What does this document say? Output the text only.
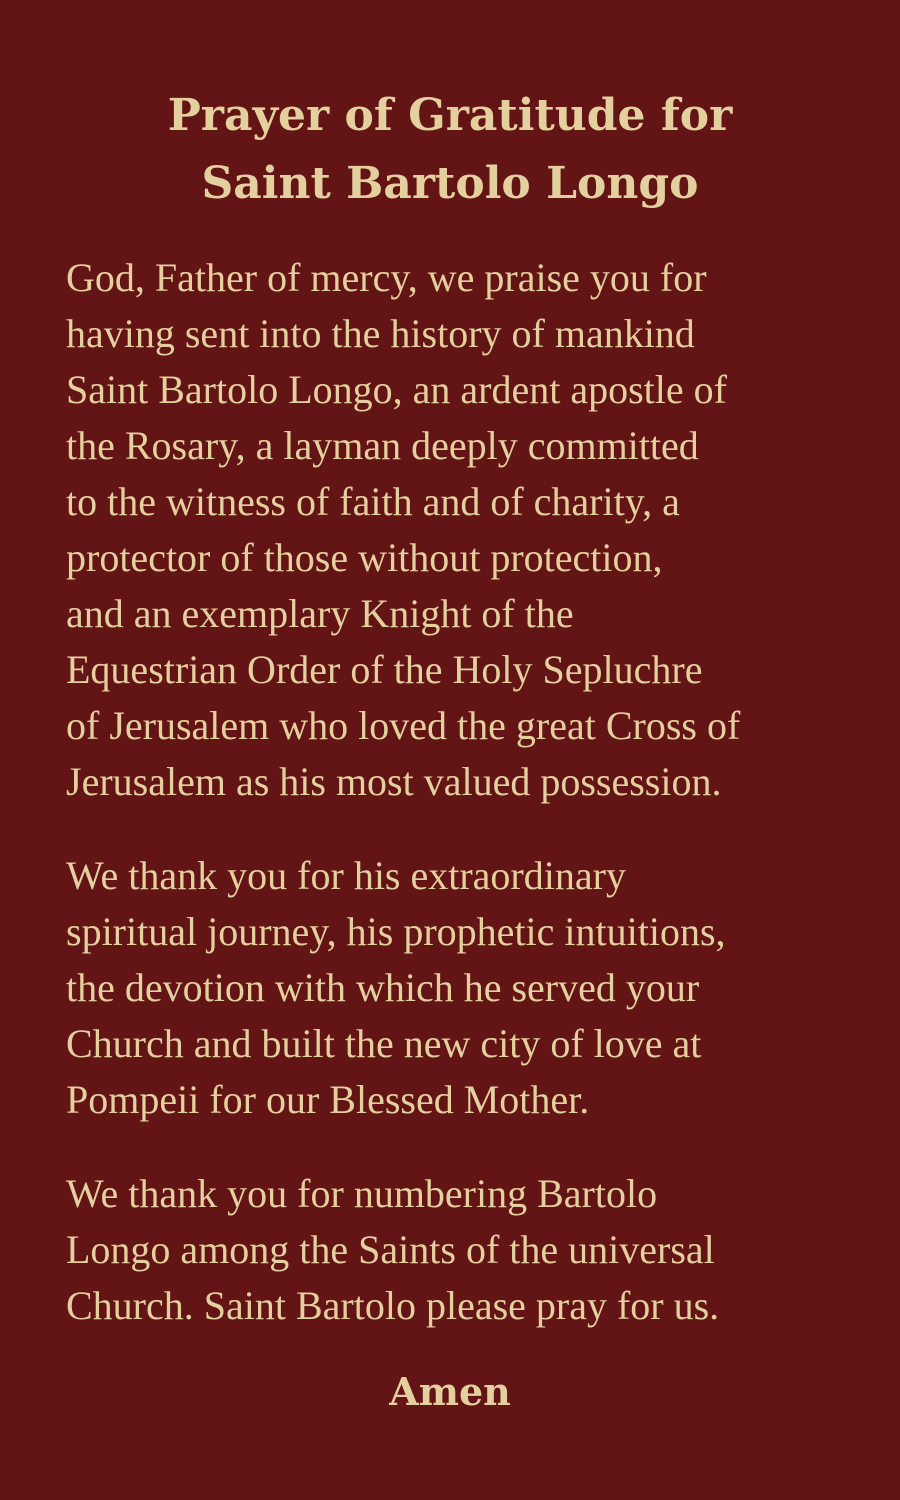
Prayer of Gratitude for
Saint Bartolo Longo
God, Father of mercy, we praise you for
having sent into the history of mankind
Saint Bartolo Longo, an ardent apostle of
the Rosary, a layman deeply committed
to the witness of faith and of charity, a
protector of those without protection,
and an exemplary Knight of the
Equestrian Order of the Holy Sepluchre
of Jerusalem who loved the great Cross of
Jerusalem as his most valued possession.
We thank you for his extraordinary
spiritual journey, his prophetic intuitions,
the devotion with which he served your
Church and built the new city of love at
Pompeii for our Blessed Mother.
We thank you for numbering Bartolo
Longo among the Saints of the universal
Church. Saint Bartolo please pray for us.
Amen
